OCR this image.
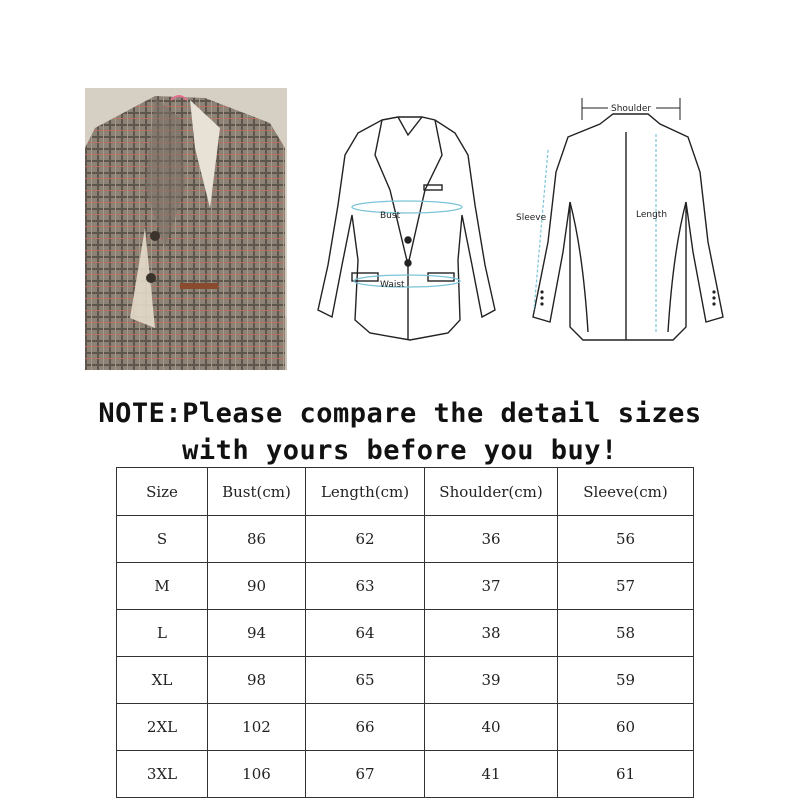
Bust
Waist
Shoulder
Sleeve	Length
NOTE:Please compare the detail sizes
with yours before you buy!
Size	Bust(cm)	Length(cm)	Shoulder(cm)	Sleeve(cm)
S	86	62	36	56
M	90	63	37	57
L	94	64	38	58
XL	98	65	39	59
2XL	102	66	40	60
3XL	106	67	41	61
